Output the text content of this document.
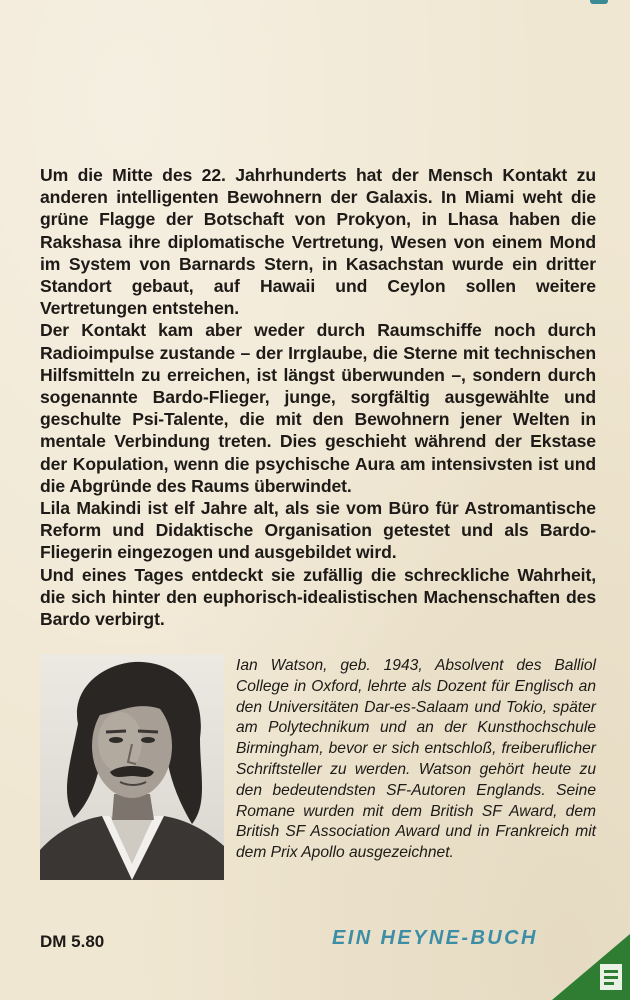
Um die Mitte des 22. Jahrhunderts hat der Mensch Kontakt zu anderen intelligenten Bewohnern der Galaxis. In Miami weht die grüne Flagge der Botschaft von Prokyon, in Lhasa haben die Rakshasa ihre diplomatische Vertretung, Wesen von einem Mond im System von Barnards Stern, in Kasachstan wurde ein dritter Standort gebaut, auf Hawaii und Ceylon sollen weitere Vertretungen entstehen.

Der Kontakt kam aber weder durch Raumschiffe noch durch Radioimpulse zustande – der Irrglaube, die Sterne mit technischen Hilfsmitteln zu erreichen, ist längst überwunden –, sondern durch sogenannte Bardo-Flieger, junge, sorgfältig ausgewählte und geschulte Psi-Talente, die mit den Bewohnern jener Welten in mentale Verbindung treten. Dies geschieht während der Ekstase der Kopulation, wenn die psychische Aura am intensivsten ist und die Abgründe des Raums überwindet.

Lila Makindi ist elf Jahre alt, als sie vom Büro für Astromantische Reform und Didaktische Organisation getestet und als Bardo-Fliegerin eingezogen und ausgebildet wird.

Und eines Tages entdeckt sie zufällig die schreckliche Wahrheit, die sich hinter den euphorisch-idealistischen Machenschaften des Bardo verbirgt.

Ian Watson, geb. 1943, Absolvent des Balliol College in Oxford, lehrte als Dozent für Englisch an den Universitäten Dar-es-Salaam und Tokio, später am Polytechnikum und an der Kunsthochschule Birmingham, bevor er sich entschloß, freiberuflicher Schriftsteller zu werden. Watson gehört heute zu den bedeutendsten SF-Autoren Englands. Seine Romane wurden mit dem British SF Award, dem British SF Association Award und in Frankreich mit dem Prix Apollo ausgezeichnet.
DM 5.80	EIN HEYNE-BUCH
